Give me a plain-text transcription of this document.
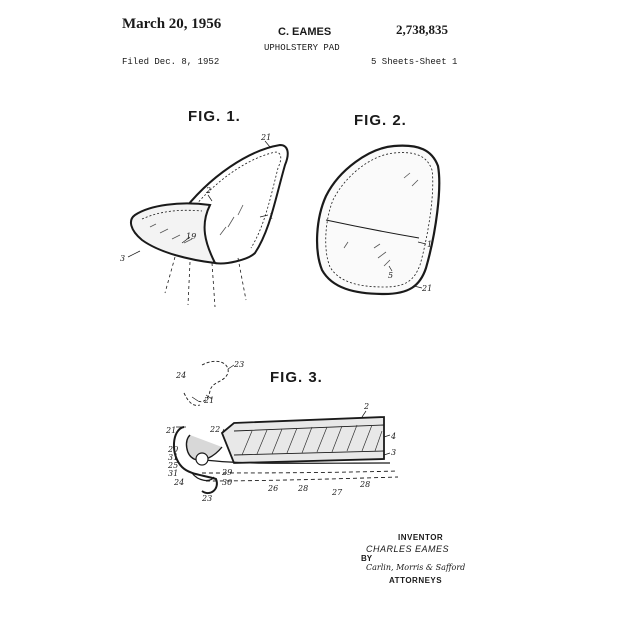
March 20, 1956	C. EAMES	2,738,835
UPHOLSTERY PAD
Filed Dec. 8, 1952	5 Sheets-Sheet 1
FIG. 1.	FIG. 2.
FIG. 3.
21
2
1
19
3
1
5
21
24
23
21
2
4
3
21	22
20
31
25
31
24
23
30
26 28	27
28
29
INVENTOR
CHARLES EAMES
BY
Carlin, Morris & Safford
ATTORNEYS
